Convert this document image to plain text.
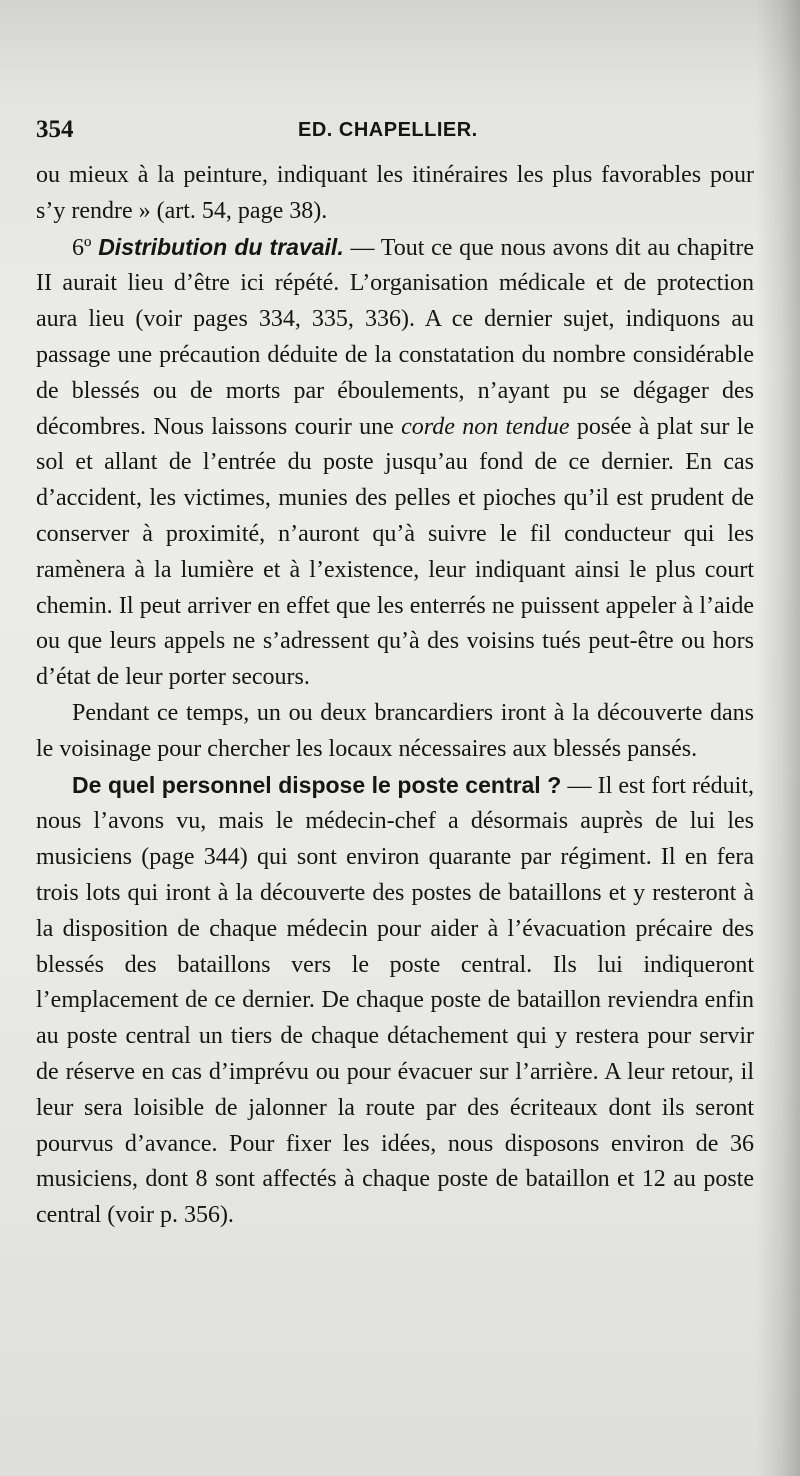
354	ED. CHAPELLIER.

ou mieux à la peinture, indiquant les itinéraires les plus favorables pour s’y rendre » (art. 54, page 38).

6º Distribution du travail. — Tout ce que nous avons dit au chapitre II aurait lieu d’être ici répété. L’organisation médicale et de protection aura lieu (voir pages 334, 335, 336). A ce dernier sujet, indiquons au passage une précaution déduite de la constatation du nombre considérable de blessés ou de morts par éboulements, n’ayant pu se dégager des décombres. Nous laissons courir une corde non tendue posée à plat sur le sol et allant de l’entrée du poste jusqu’au fond de ce dernier. En cas d’accident, les victimes, munies des pelles et pioches qu’il est prudent de conserver à proximité, n’auront qu’à suivre le fil conducteur qui les ramènera à la lumière et à l’existence, leur indiquant ainsi le plus court chemin. Il peut arriver en effet que les enterrés ne puissent appeler à l’aide ou que leurs appels ne s’adressent qu’à des voisins tués peut-être ou hors d’état de leur porter secours.

Pendant ce temps, un ou deux brancardiers iront à la découverte dans le voisinage pour chercher les locaux nécessaires aux blessés pansés.

De quel personnel dispose le poste central ? — Il est fort réduit, nous l’avons vu, mais le médecin-chef a désormais auprès de lui les musiciens (page 344) qui sont environ quarante par régiment. Il en fera trois lots qui iront à la découverte des postes de bataillons et y resteront à la disposition de chaque médecin pour aider à l’évacuation précaire des blessés des bataillons vers le poste central. Ils lui indiqueront l’emplacement de ce dernier. De chaque poste de bataillon reviendra enfin au poste central un tiers de chaque détachement qui y restera pour servir de réserve en cas d’imprévu ou pour évacuer sur l’arrière. A leur retour, il leur sera loisible de jalonner la route par des écriteaux dont ils seront pourvus d’avance. Pour fixer les idées, nous disposons environ de 36 musiciens, dont 8 sont affectés à chaque poste de bataillon et 12 au poste central (voir p. 356).
